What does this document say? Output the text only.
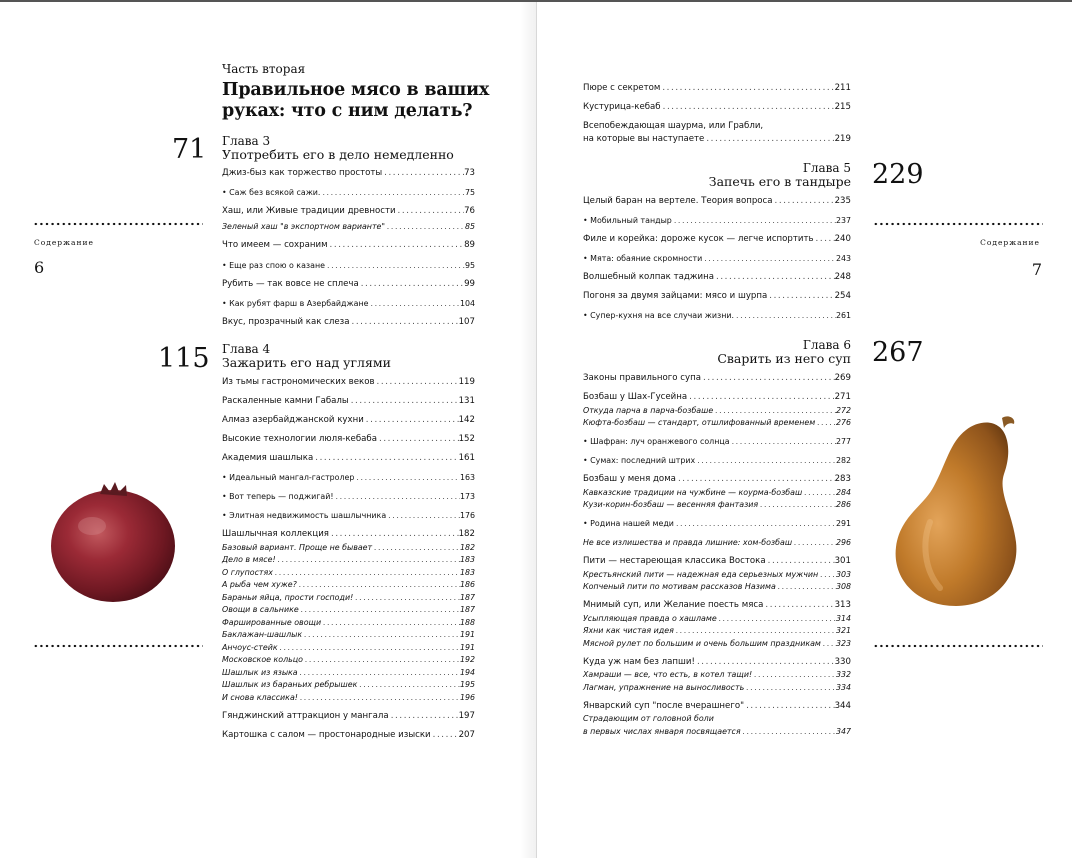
Часть вторая
Правильное мясо в ваших руках: что с ним делать?
71 Глава 3
Употребить его в дело немедленно
Джиз-быз как торжество простоты .....	73
• Саж без всякой сажи. .....	75
Хаш, или Живые традиции древности .....	76
Зеленый хаш "в экспортном варианте" .....	85
Что имеем — сохраним .....	89
• Еще раз спою о казане .....	95
Рубить — так вовсе не сплеча .....	99
• Как рубят фарш в Азербайджане .....	104
Вкус, прозрачный как слеза .....	107
115 Глава 4
Зажарить его над углями
Из тьмы гастрономических веков .....	119
Раскаленные камни Габалы .....	131
Алмаз азербайджанской кухни .....	142
Высокие технологии люля-кебаба .....	152
Академия шашлыка .....	161
• Идеальный мангал-гастролер .....	163
• Вот теперь — поджигай! .....	173
• Элитная недвижимость шашлычника .....	176
Шашлычная коллекция .....	182
Базовый вариант. Проще не бывает .....	182
Дело в мясе! .....	183
О глупостях .....	183
А рыба чем хуже? .....	186
Бараньи яйца, прости господи! .....	187
Овощи в сальнике .....	187
Фаршированные овощи .....	188
Баклажан-шашлык .....	191
Анчоус-стейк .....	191
Московское кольцо .....	192
Шашлык из языка .....	194
Шашлык из бараньих ребрышек .....	195
И снова классика! .....	196
Гянджинский аттракцион у мангала .....	197
Картошка с салом — простонародные изыски .....	207
Содержание
6
Пюре с секретом .....	211
Кустурица-кебаб .....	215
Всепобеждающая шаурма, или Грабли,
на которые вы наступаете .....	219
Глава 5
Запечь его в тандыре 229
Целый баран на вертеле. Теория вопроса .....	235
• Мобильный тандыр .....	237
Филе и корейка: дороже кусок — легче испортить ..... 240
• Мята: обаяние скромности .....	243
Волшебный колпак таджина .....	248
Погоня за двумя зайцами: мясо и шурпа .....	254
• Супер-кухня на все случаи жизни. .....	261
Глава 6
Сварить из него суп 267
Законы правильного супа .....	269
Бозбаш у Шах-Гусейна .....	271
Откуда парча в парча-бозбаше .....	272
Кюфта-бозбаш — стандарт, отшлифованный временем .....	276
• Шафран: луч оранжевого солнца .....	277
• Сумах: последний штрих .....	282
Бозбаш у меня дома .....	283
Кавказские традиции на чужбине — коурма-бозбаш .....	284
Кузи-корин-бозбаш — весенняя фантазия .....	286
• Родина нашей меди .....	291
Не все излишества и правда лишние: хом-бозбаш .....	296
Пити — нестареющая классика Востока .....	301
Крестьянский пити — надежная еда серьезных мужчин ..... 303
Копченый пити по мотивам рассказов Назима .....	308
Мнимый суп, или Желание поесть мяса .....	313
Усыпляющая правда о хашламе .....	314
Яхни как чистая идея .....	321
Мясной рулет по большим и очень большим праздникам ..... 323
Куда уж нам без лапши! .....	330
Хамраши — все, что есть, в котел тащи! .....	332
Лагман, упражнение на выносливость .....	334
Январский суп "после вчерашнего" .....	344
Страдающим от головной боли
в первых числах января посвящается .....	347
Содержание
7
